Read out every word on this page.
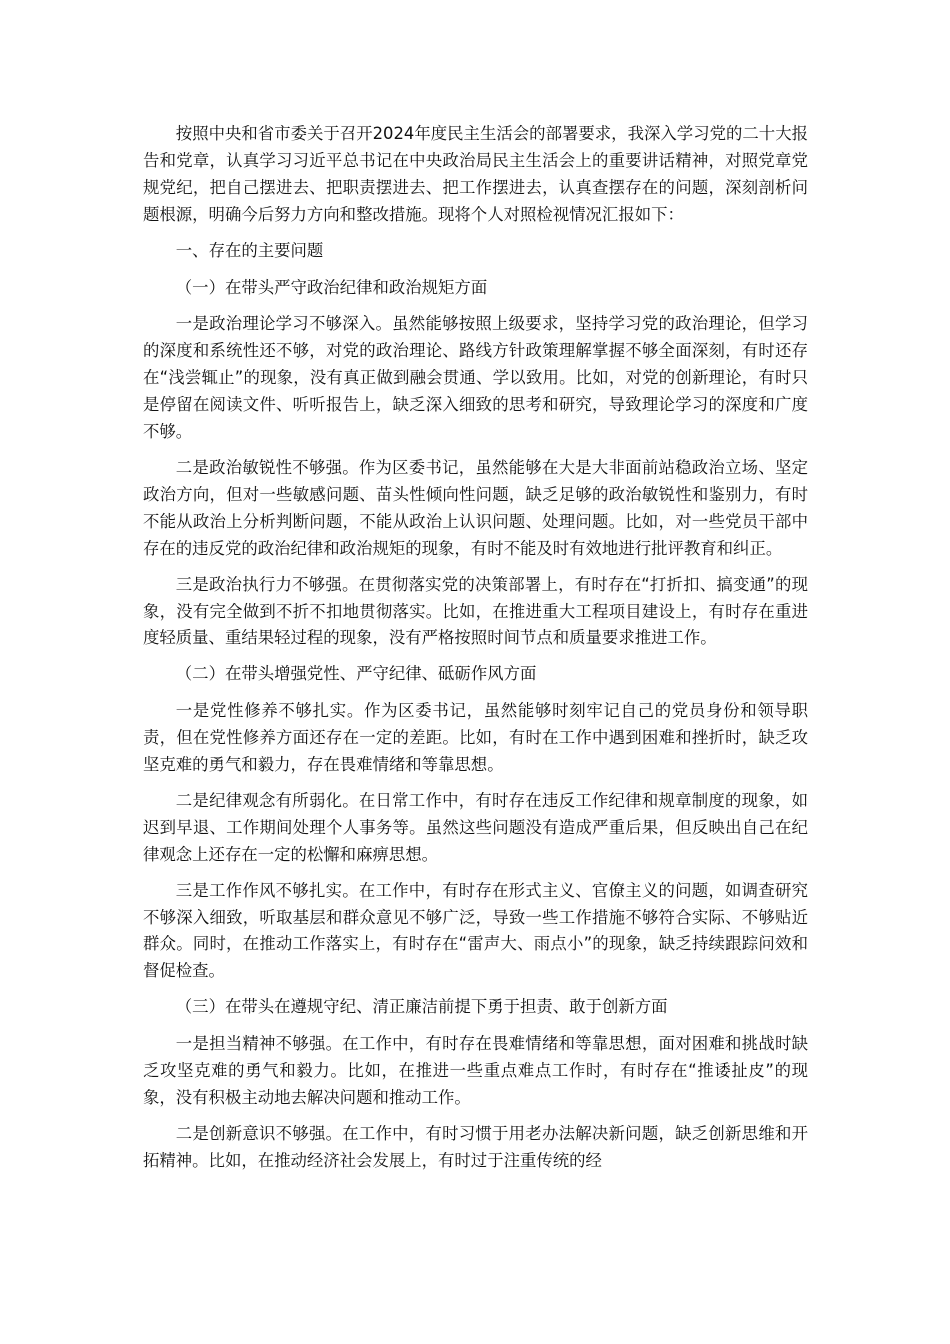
按照中央和省市委关于召开2024年度民主生活会的部署要求，我深入学习党的二十大报告和党章，认真学习习近平总书记在中央政治局民主生活会上的重要讲话精神，对照党章党规党纪，把自己摆进去、把职责摆进去、把工作摆进去，认真查摆存在的问题，深刻剖析问题根源，明确今后努力方向和整改措施。现将个人对照检视情况汇报如下：

一、存在的主要问题

（一）在带头严守政治纪律和政治规矩方面

一是政治理论学习不够深入。虽然能够按照上级要求，坚持学习党的政治理论，但学习的深度和系统性还不够，对党的政治理论、路线方针政策理解掌握不够全面深刻，有时还存在“浅尝辄止”的现象，没有真正做到融会贯通、学以致用。比如，对党的创新理论，有时只是停留在阅读文件、听听报告上，缺乏深入细致的思考和研究，导致理论学习的深度和广度不够。

二是政治敏锐性不够强。作为区委书记，虽然能够在大是大非面前站稳政治立场、坚定政治方向，但对一些敏感问题、苗头性倾向性问题，缺乏足够的政治敏锐性和鉴别力，有时不能从政治上分析判断问题，不能从政治上认识问题、处理问题。比如，对一些党员干部中存在的违反党的政治纪律和政治规矩的现象，有时不能及时有效地进行批评教育和纠正。

三是政治执行力不够强。在贯彻落实党的决策部署上，有时存在“打折扣、搞变通”的现象，没有完全做到不折不扣地贯彻落实。比如，在推进重大工程项目建设上，有时存在重进度轻质量、重结果轻过程的现象，没有严格按照时间节点和质量要求推进工作。

（二）在带头增强党性、严守纪律、砥砺作风方面

一是党性修养不够扎实。作为区委书记，虽然能够时刻牢记自己的党员身份和领导职责，但在党性修养方面还存在一定的差距。比如，有时在工作中遇到困难和挫折时，缺乏攻坚克难的勇气和毅力，存在畏难情绪和等靠思想。

二是纪律观念有所弱化。在日常工作中，有时存在违反工作纪律和规章制度的现象，如迟到早退、工作期间处理个人事务等。虽然这些问题没有造成严重后果，但反映出自己在纪律观念上还存在一定的松懈和麻痹思想。

三是工作作风不够扎实。在工作中，有时存在形式主义、官僚主义的问题，如调查研究不够深入细致，听取基层和群众意见不够广泛，导致一些工作措施不够符合实际、不够贴近群众。同时，在推动工作落实上，有时存在“雷声大、雨点小”的现象，缺乏持续跟踪问效和督促检查。

（三）在带头在遵规守纪、清正廉洁前提下勇于担责、敢于创新方面

一是担当精神不够强。在工作中，有时存在畏难情绪和等靠思想，面对困难和挑战时缺乏攻坚克难的勇气和毅力。比如，在推进一些重点难点工作时，有时存在“推诿扯皮”的现象，没有积极主动地去解决问题和推动工作。

二是创新意识不够强。在工作中，有时习惯于用老办法解决新问题，缺乏创新思维和开拓精神。比如，在推动经济社会发展上，有时过于注重传统的经
